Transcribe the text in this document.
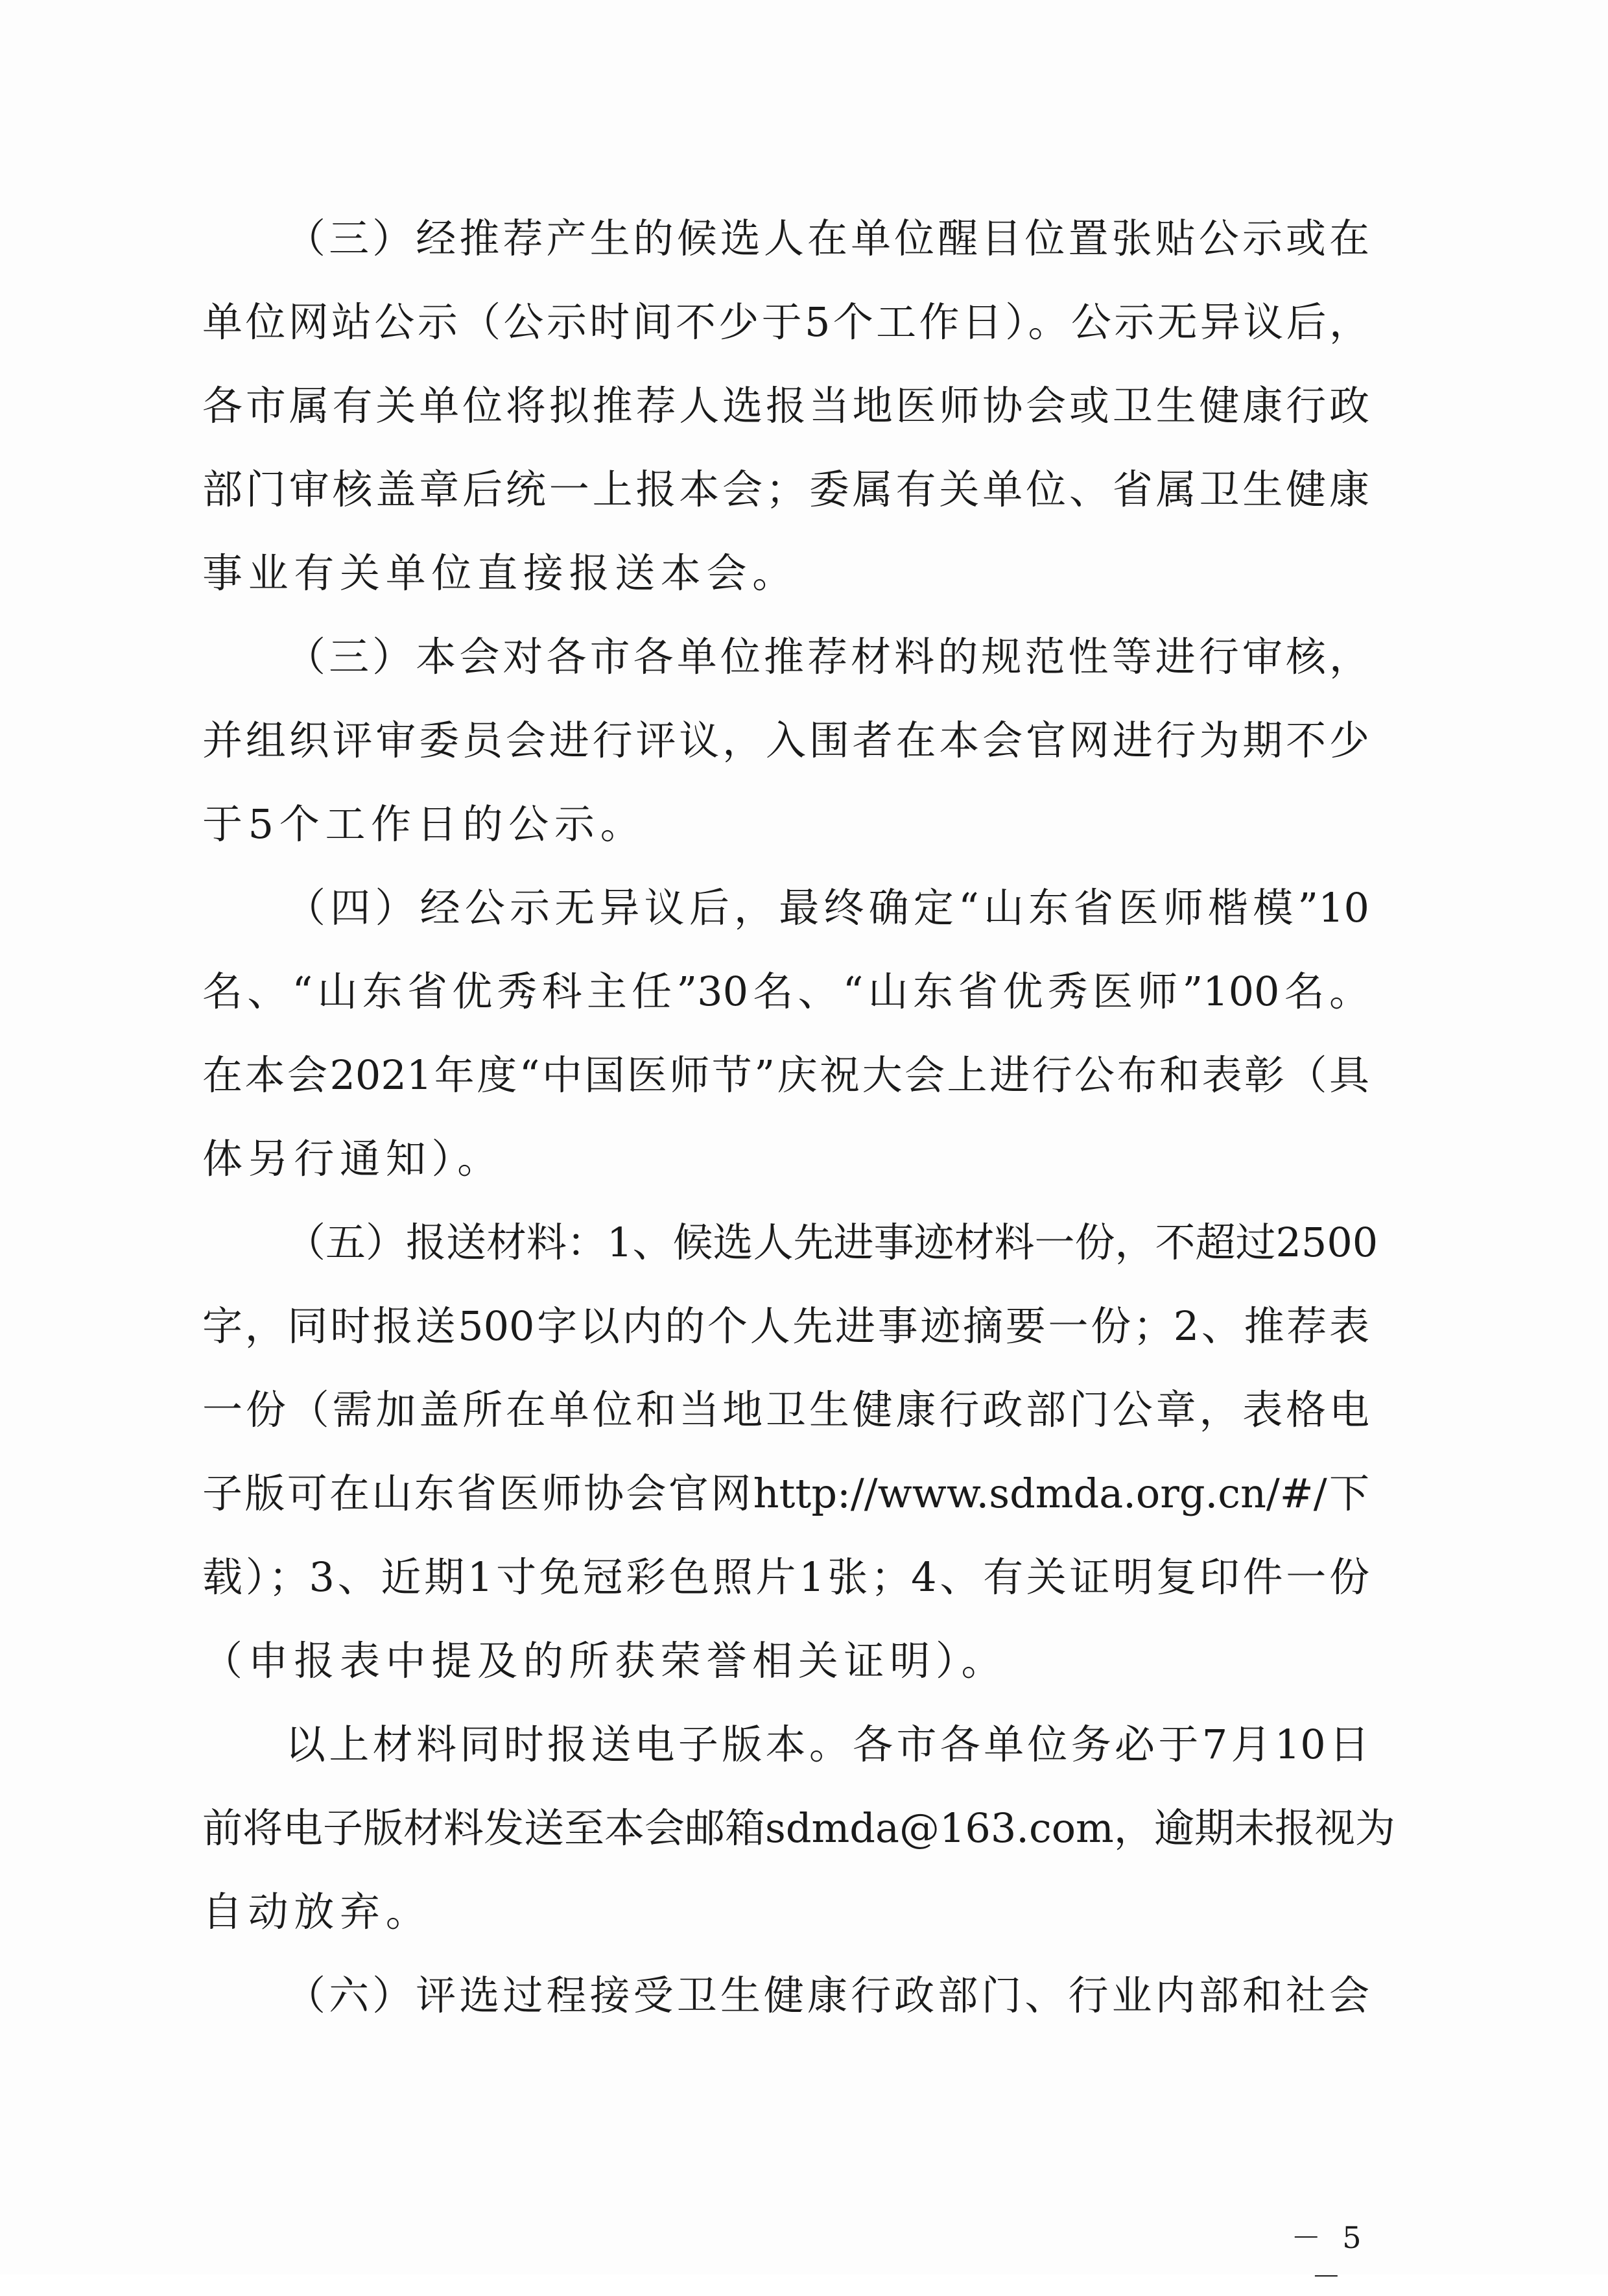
（三）经推荐产生的候选人在单位醒目位置张贴公示或在
单位网站公示（公示时间不少于5个工作日）。公示无异议后，
各市属有关单位将拟推荐人选报当地医师协会或卫生健康行政
部门审核盖章后统一上报本会；委属有关单位、省属卫生健康
事业有关单位直接报送本会。
（三）本会对各市各单位推荐材料的规范性等进行审核，
并组织评审委员会进行评议，入围者在本会官网进行为期不少
于5个工作日的公示。
（四）经公示无异议后，最终确定“山东省医师楷模”10
名、“山东省优秀科主任”30名、“山东省优秀医师”100名。
在本会2021年度“中国医师节”庆祝大会上进行公布和表彰（具
体另行通知）。
（五）报送材料：1、候选人先进事迹材料一份，不超过2500
字，同时报送500字以内的个人先进事迹摘要一份；2、推荐表
一份（需加盖所在单位和当地卫生健康行政部门公章，表格电
子版可在山东省医师协会官网http://www.sdmda.org.cn/#/下
载）；3、近期1寸免冠彩色照片1张；4、有关证明复印件一份
（申报表中提及的所获荣誉相关证明）。
以上材料同时报送电子版本。各市各单位务必于7月10日
前将电子版材料发送至本会邮箱sdmda@163.com，逾期未报视为
自动放弃。
（六）评选过程接受卫生健康行政部门、行业内部和社会
－ 5 －
